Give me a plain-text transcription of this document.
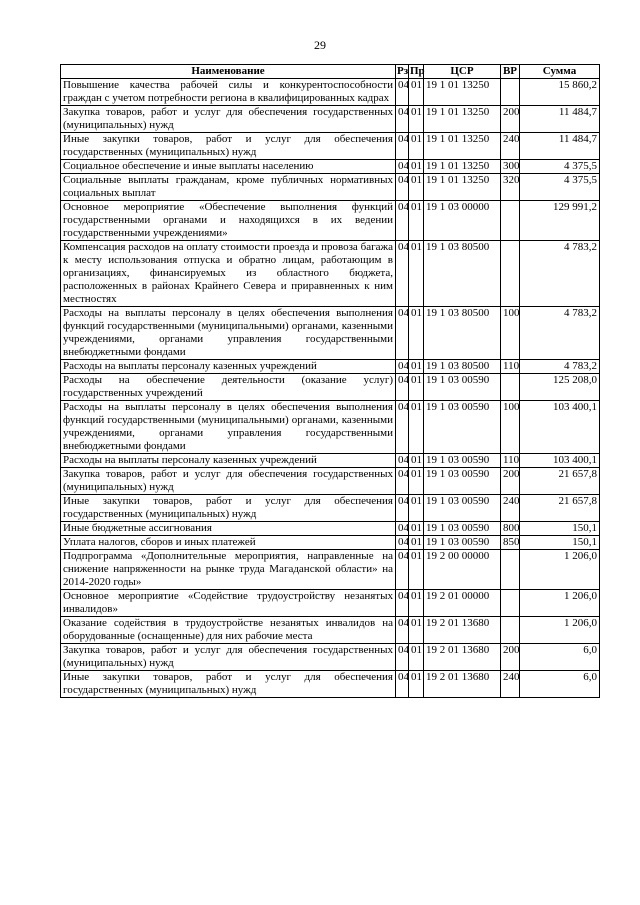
29
Наименование	Рз	Пр	ЦСР	ВР	Сумма
Повышение качества рабочей силы и конкурентоспособности граждан с учетом потребности региона в квалифицированных кадрах	04	01	19 1 01 13250		15 860,2
Закупка товаров, работ и услуг для обеспечения государственных (муниципальных) нужд	04	01	19 1 01 13250	200	11 484,7
Иные закупки товаров, работ и услуг для обеспечения государственных (муниципальных) нужд	04	01	19 1 01 13250	240	11 484,7
Социальное обеспечение и иные выплаты населению	04	01	19 1 01 13250	300	4 375,5
Социальные выплаты гражданам, кроме публичных нормативных социальных выплат	04	01	19 1 01 13250	320	4 375,5
Основное мероприятие «Обеспечение выполнения функций государственными органами и находящихся в их ведении государственными учреждениями»	04	01	19 1 03 00000		129 991,2
Компенсация расходов на оплату стоимости проезда и провоза багажа к месту использования отпуска и обратно лицам, работающим в организациях, финансируемых из областного бюджета, расположенных в районах Крайнего Севера и приравненных к ним местностях	04	01	19 1 03 80500		4 783,2
Расходы на выплаты персоналу в целях обеспечения выполнения функций государственными (муниципальными) органами, казенными учреждениями, органами управления государственными внебюджетными фондами	04	01	19 1 03 80500	100	4 783,2
Расходы на выплаты персоналу казенных учреждений	04	01	19 1 03 80500	110	4 783,2
Расходы на обеспечение деятельности (оказание услуг) государственных учреждений	04	01	19 1 03 00590		125 208,0
Расходы на выплаты персоналу в целях обеспечения выполнения функций государственными (муниципальными) органами, казенными учреждениями, органами управления государственными внебюджетными фондами	04	01	19 1 03 00590	100	103 400,1
Расходы на выплаты персоналу казенных учреждений	04	01	19 1 03 00590	110	103 400,1
Закупка товаров, работ и услуг для обеспечения государственных (муниципальных) нужд	04	01	19 1 03 00590	200	21 657,8
Иные закупки товаров, работ и услуг для обеспечения государственных (муниципальных) нужд	04	01	19 1 03 00590	240	21 657,8
Иные бюджетные ассигнования	04	01	19 1 03 00590	800	150,1
Уплата налогов, сборов и иных платежей	04	01	19 1 03 00590	850	150,1
Подпрограмма «Дополнительные мероприятия, направленные на снижение напряженности на рынке труда Магаданской области» на 2014-2020 годы»	04	01	19 2 00 00000		1 206,0
Основное мероприятие «Содействие трудоустройству незанятых инвалидов»	04	01	19 2 01 00000		1 206,0
Оказание содействия в трудоустройстве незанятых инвалидов на оборудованные (оснащенные) для них рабочие места	04	01	19 2 01 13680		1 206,0
Закупка товаров, работ и услуг для обеспечения государственных (муниципальных) нужд	04	01	19 2 01 13680	200	6,0
Иные закупки товаров, работ и услуг для обеспечения государственных (муниципальных) нужд	04	01	19 2 01 13680	240	6,0
